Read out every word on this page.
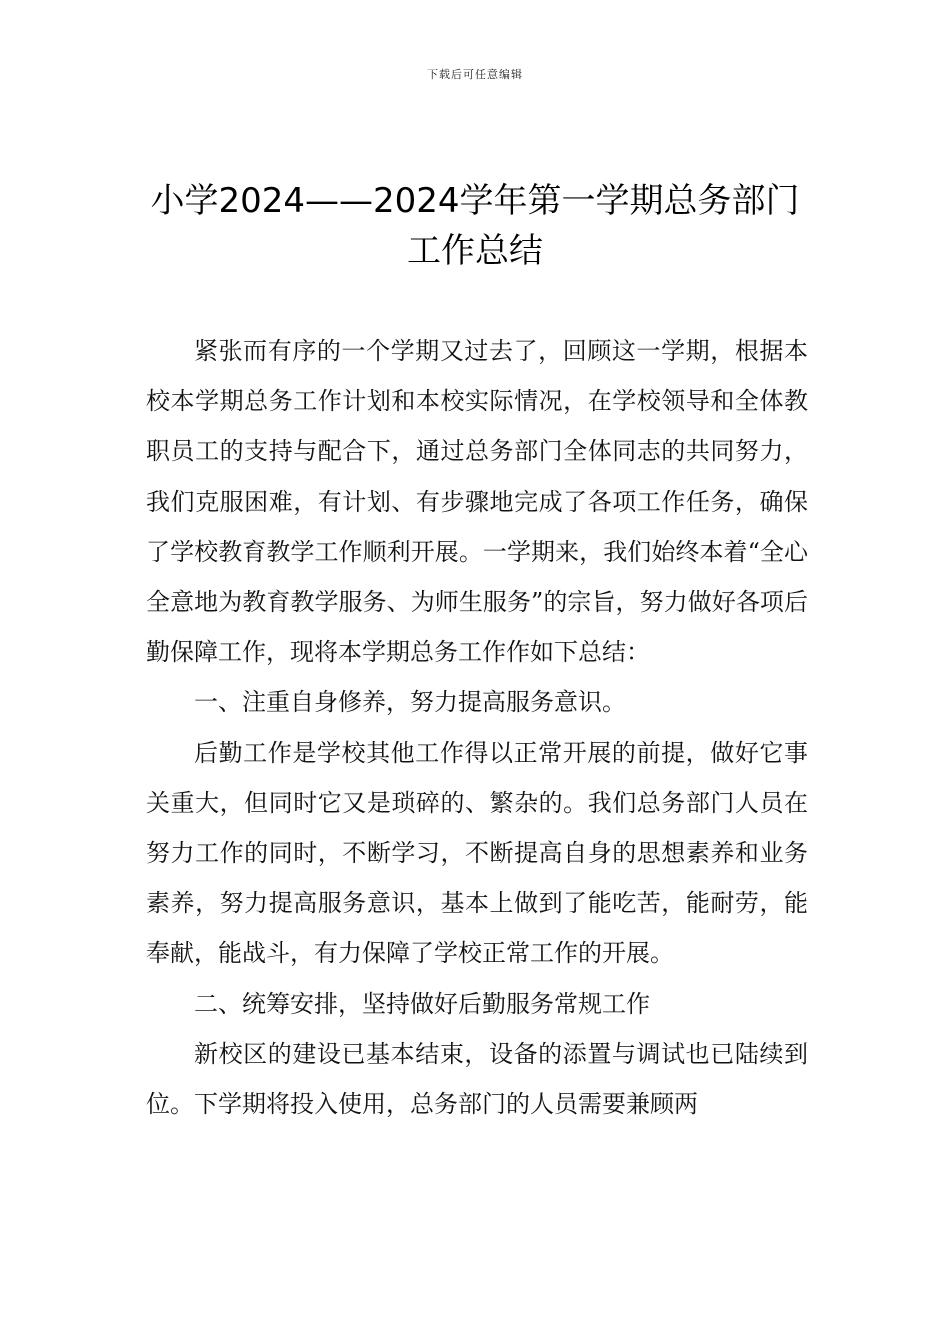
下载后可任意编辑
小学2024——2024学年第一学期总务部门
工作总结

紧张而有序的一个学期又过去了，回顾这一学期，根据本校本学期总务工作计划和本校实际情况，在学校领导和全体教职员工的支持与配合下，通过总务部门全体同志的共同努力，我们克服困难，有计划、有步骤地完成了各项工作任务，确保了学校教育教学工作顺利开展。一学期来，我们始终本着“全心全意地为教育教学服务、为师生服务”的宗旨，努力做好各项后勤保障工作，现将本学期总务工作作如下总结：

一、注重自身修养，努力提高服务意识。

后勤工作是学校其他工作得以正常开展的前提，做好它事关重大，但同时它又是琐碎的、繁杂的。我们总务部门人员在努力工作的同时，不断学习，不断提高自身的思想素养和业务素养，努力提高服务意识，基本上做到了能吃苦，能耐劳，能奉献，能战斗，有力保障了学校正常工作的开展。

二、统筹安排，坚持做好后勤服务常规工作

新校区的建设已基本结束，设备的添置与调试也已陆续到位。下学期将投入使用，总务部门的人员需要兼顾两
